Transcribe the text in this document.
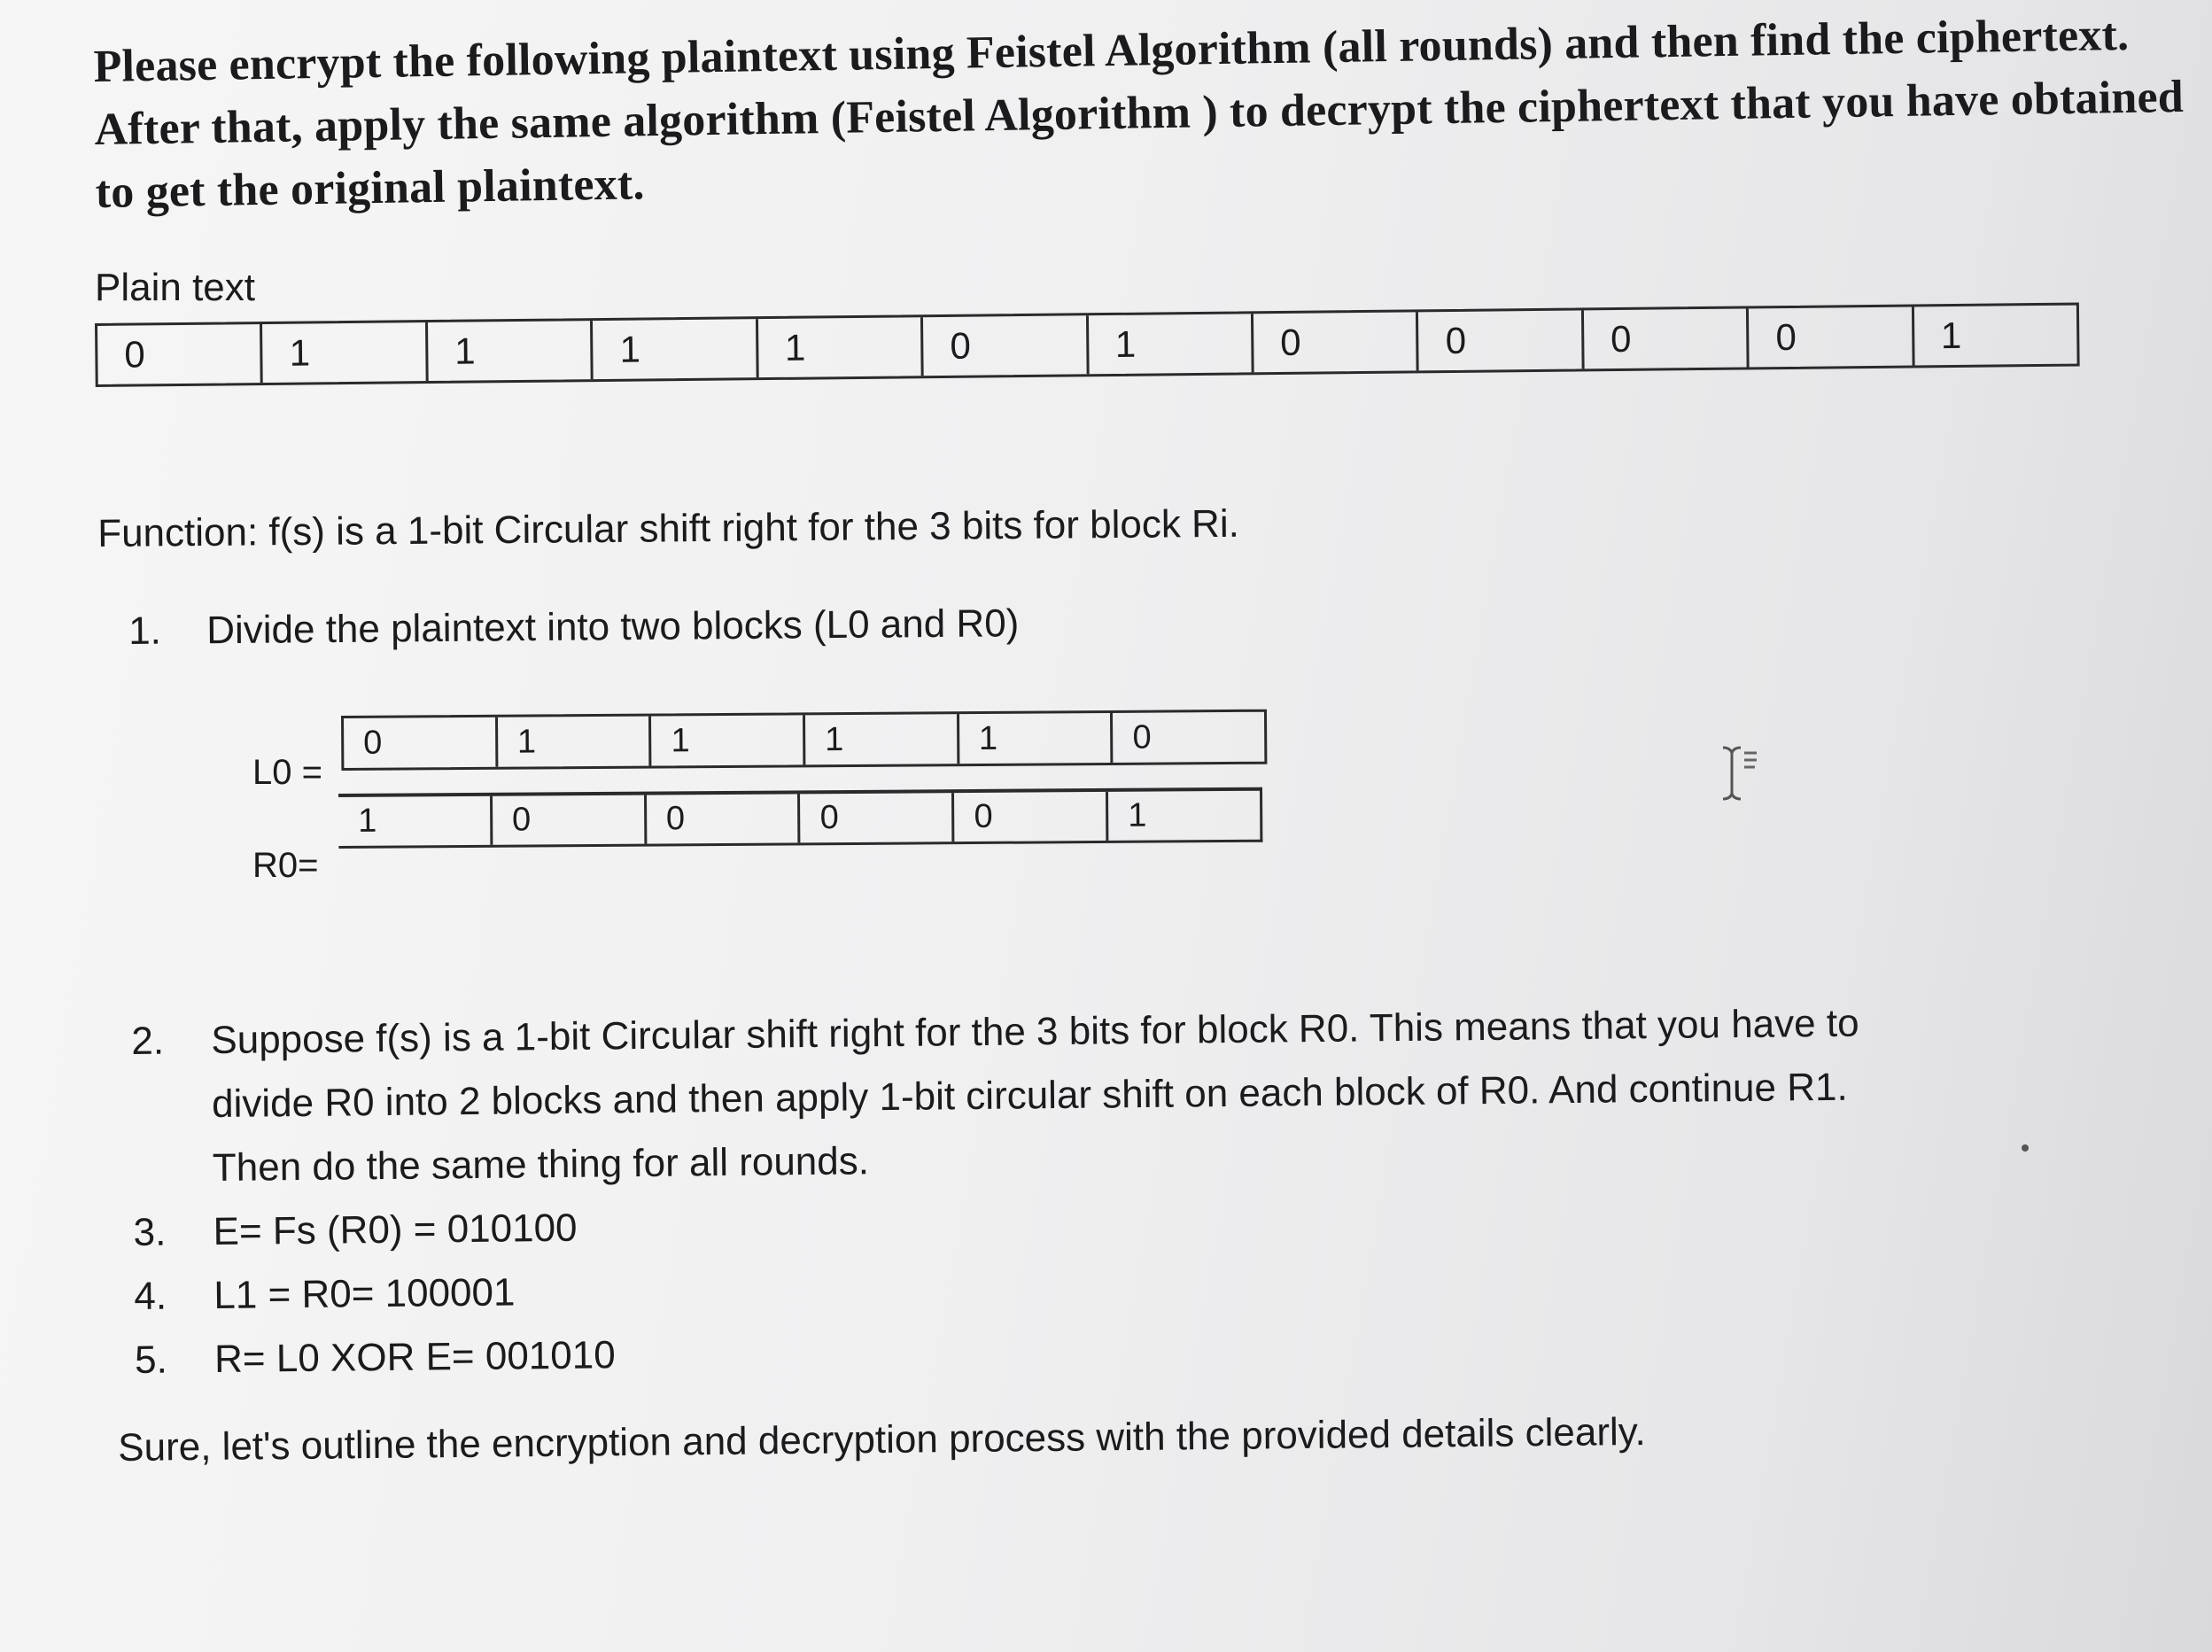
Please encrypt the following plaintext using Feistel Algorithm (all rounds) and then find the ciphertext.
After that, apply the same algorithm (Feistel Algorithm ) to decrypt the ciphertext that you have obtained
to get the original plaintext.
Plain text
0	1	1	1	1	0	1	0	0	0	0	1
Function: f(s) is a 1-bit Circular shift right for the 3 bits for block Ri.
1. Divide the plaintext into two blocks (L0 and R0)
L0 =
0	1	1	1	1	0
R0=
1	0	0	0	0	1
2. Suppose f(s) is a 1-bit Circular shift right for the 3 bits for block R0. This means that you have to
divide R0 into 2 blocks and then apply 1-bit circular shift on each block of R0. And continue R1.
Then do the same thing for all rounds.
3. E= Fs (R0) = 010100
4. L1 = R0= 100001
5. R= L0 XOR E= 001010
Sure, let's outline the encryption and decryption process with the provided details clearly.
